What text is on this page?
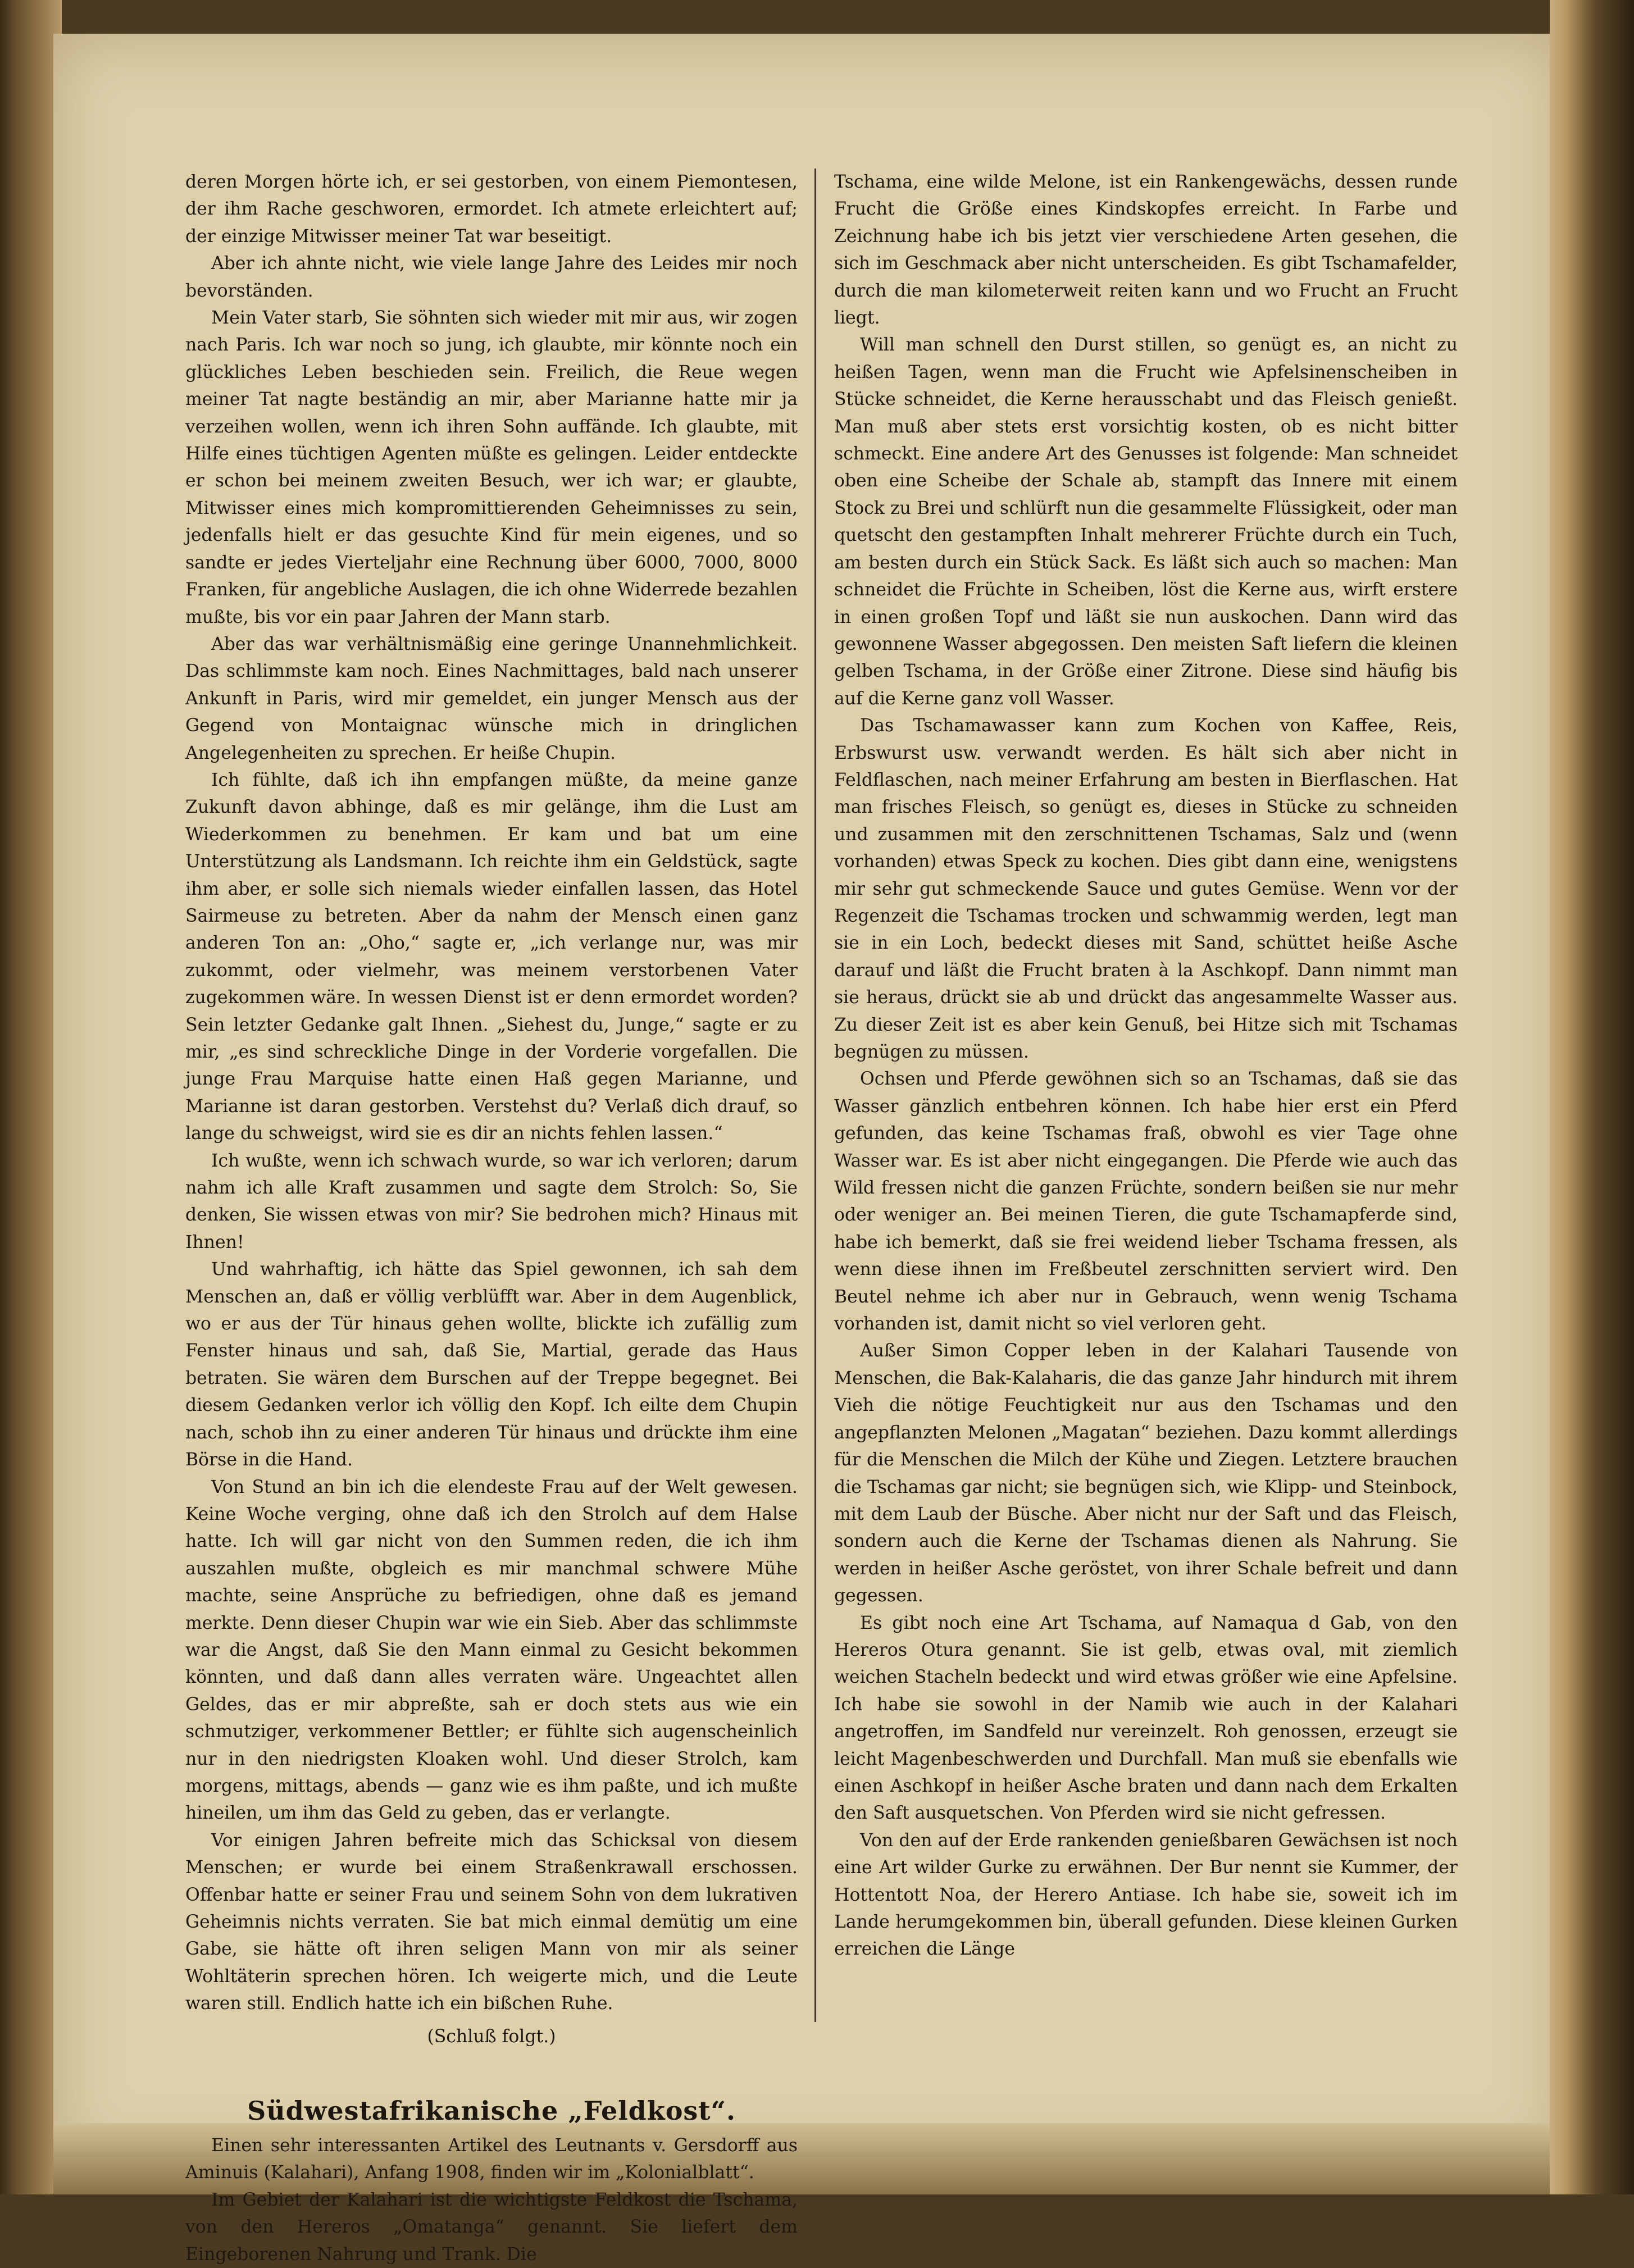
deren Morgen hörte ich, er sei gestorben, von einem Piemontesen, der ihm Rache geschworen, ermordet. Ich atmete erleichtert auf; der einzige Mitwisser meiner Tat war beseitigt.

Aber ich ahnte nicht, wie viele lange Jahre des Leides mir noch bevorständen.

Mein Vater starb, Sie söhnten sich wieder mit mir aus, wir zogen nach Paris. Ich war noch so jung, ich glaubte, mir könnte noch ein glückliches Leben beschieden sein. Freilich, die Reue wegen meiner Tat nagte beständig an mir, aber Marianne hatte mir ja verzeihen wollen, wenn ich ihren Sohn auffände. Ich glaubte, mit Hilfe eines tüchtigen Agenten müßte es gelingen. Leider entdeckte er schon bei meinem zweiten Besuch, wer ich war; er glaubte, Mitwisser eines mich kompromittierenden Geheimnisses zu sein, jedenfalls hielt er das gesuchte Kind für mein eigenes, und so sandte er jedes Vierteljahr eine Rechnung über 6000, 7000, 8000 Franken, für angebliche Auslagen, die ich ohne Widerrede bezahlen mußte, bis vor ein paar Jahren der Mann starb.

Aber das war verhältnismäßig eine geringe Unannehmlichkeit. Das schlimmste kam noch. Eines Nachmittages, bald nach unserer Ankunft in Paris, wird mir gemeldet, ein junger Mensch aus der Gegend von Montaignac wünsche mich in dringlichen Angelegenheiten zu sprechen. Er heiße Chupin.

Ich fühlte, daß ich ihn empfangen müßte, da meine ganze Zukunft davon abhinge, daß es mir gelänge, ihm die Lust am Wiederkommen zu benehmen. Er kam und bat um eine Unterstützung als Landsmann. Ich reichte ihm ein Geldstück, sagte ihm aber, er solle sich niemals wieder einfallen lassen, das Hotel Sairmeuse zu betreten. Aber da nahm der Mensch einen ganz anderen Ton an: „Oho,“ sagte er, „ich verlange nur, was mir zukommt, oder vielmehr, was meinem verstorbenen Vater zugekommen wäre. In wessen Dienst ist er denn ermordet worden? Sein letzter Gedanke galt Ihnen. „Siehest du, Junge,“ sagte er zu mir, „es sind schreckliche Dinge in der Vorderie vorgefallen. Die junge Frau Marquise hatte einen Haß gegen Marianne, und Marianne ist daran gestorben. Verstehst du? Verlaß dich drauf, so lange du schweigst, wird sie es dir an nichts fehlen lassen.“

Ich wußte, wenn ich schwach wurde, so war ich verloren; darum nahm ich alle Kraft zusammen und sagte dem Strolch: So, Sie denken, Sie wissen etwas von mir? Sie bedrohen mich? Hinaus mit Ihnen!

Und wahrhaftig, ich hätte das Spiel gewonnen, ich sah dem Menschen an, daß er völlig verblüfft war. Aber in dem Augenblick, wo er aus der Tür hinaus gehen wollte, blickte ich zufällig zum Fenster hinaus und sah, daß Sie, Martial, gerade das Haus betraten. Sie wären dem Burschen auf der Treppe begegnet. Bei diesem Gedanken verlor ich völlig den Kopf. Ich eilte dem Chupin nach, schob ihn zu einer anderen Tür hinaus und drückte ihm eine Börse in die Hand.

Von Stund an bin ich die elendeste Frau auf der Welt gewesen. Keine Woche verging, ohne daß ich den Strolch auf dem Halse hatte. Ich will gar nicht von den Summen reden, die ich ihm auszahlen mußte, obgleich es mir manchmal schwere Mühe machte, seine Ansprüche zu befriedigen, ohne daß es jemand merkte. Denn dieser Chupin war wie ein Sieb. Aber das schlimmste war die Angst, daß Sie den Mann einmal zu Gesicht bekommen könnten, und daß dann alles verraten wäre. Ungeachtet allen Geldes, das er mir abpreßte, sah er doch stets aus wie ein schmutziger, verkommener Bettler; er fühlte sich augenscheinlich nur in den niedrigsten Kloaken wohl. Und dieser Strolch, kam morgens, mittags, abends — ganz wie es ihm paßte, und ich mußte hineilen, um ihm das Geld zu geben, das er verlangte.

Vor einigen Jahren befreite mich das Schicksal von diesem Menschen; er wurde bei einem Straßenkrawall erschossen. Offenbar hatte er seiner Frau und seinem Sohn von dem lukrativen Geheimnis nichts verraten. Sie bat mich einmal demütig um eine Gabe, sie hätte oft ihren seligen Mann von mir als seiner Wohltäterin sprechen hören. Ich weigerte mich, und die Leute waren still. Endlich hatte ich ein bißchen Ruhe.

(Schluß folgt.)

Südwestafrikanische „Feldkost“.

Einen sehr interessanten Artikel des Leutnants v. Gersdorff aus Aminuis (Kalahari), Anfang 1908, finden wir im „Kolonialblatt“.

Im Gebiet der Kalahari ist die wichtigste Feldkost die Tschama, von den Hereros „Omatanga“ genannt. Sie liefert dem Eingeborenen Nahrung und Trank. Die

Tschama, eine wilde Melone, ist ein Rankengewächs, dessen runde Frucht die Größe eines Kindskopfes erreicht. In Farbe und Zeichnung habe ich bis jetzt vier verschiedene Arten gesehen, die sich im Geschmack aber nicht unterscheiden. Es gibt Tschamafelder, durch die man kilometerweit reiten kann und wo Frucht an Frucht liegt.

Will man schnell den Durst stillen, so genügt es, an nicht zu heißen Tagen, wenn man die Frucht wie Apfelsinenscheiben in Stücke schneidet, die Kerne herausschabt und das Fleisch genießt. Man muß aber stets erst vorsichtig kosten, ob es nicht bitter schmeckt. Eine andere Art des Genusses ist folgende: Man schneidet oben eine Scheibe der Schale ab, stampft das Innere mit einem Stock zu Brei und schlürft nun die gesammelte Flüssigkeit, oder man quetscht den gestampften Inhalt mehrerer Früchte durch ein Tuch, am besten durch ein Stück Sack. Es läßt sich auch so machen: Man schneidet die Früchte in Scheiben, löst die Kerne aus, wirft erstere in einen großen Topf und läßt sie nun auskochen. Dann wird das gewonnene Wasser abgegossen. Den meisten Saft liefern die kleinen gelben Tschama, in der Größe einer Zitrone. Diese sind häufig bis auf die Kerne ganz voll Wasser.

Das Tschamawasser kann zum Kochen von Kaffee, Reis, Erbswurst usw. verwandt werden. Es hält sich aber nicht in Feldflaschen, nach meiner Erfahrung am besten in Bierflaschen. Hat man frisches Fleisch, so genügt es, dieses in Stücke zu schneiden und zusammen mit den zerschnittenen Tschamas, Salz und (wenn vorhanden) etwas Speck zu kochen. Dies gibt dann eine, wenigstens mir sehr gut schmeckende Sauce und gutes Gemüse. Wenn vor der Regenzeit die Tschamas trocken und schwammig werden, legt man sie in ein Loch, bedeckt dieses mit Sand, schüttet heiße Asche darauf und läßt die Frucht braten à la Aschkopf. Dann nimmt man sie heraus, drückt sie ab und drückt das angesammelte Wasser aus. Zu dieser Zeit ist es aber kein Genuß, bei Hitze sich mit Tschamas begnügen zu müssen.

Ochsen und Pferde gewöhnen sich so an Tschamas, daß sie das Wasser gänzlich entbehren können. Ich habe hier erst ein Pferd gefunden, das keine Tschamas fraß, obwohl es vier Tage ohne Wasser war. Es ist aber nicht eingegangen. Die Pferde wie auch das Wild fressen nicht die ganzen Früchte, sondern beißen sie nur mehr oder weniger an. Bei meinen Tieren, die gute Tschamapferde sind, habe ich bemerkt, daß sie frei weidend lieber Tschama fressen, als wenn diese ihnen im Freßbeutel zerschnitten serviert wird. Den Beutel nehme ich aber nur in Gebrauch, wenn wenig Tschama vorhanden ist, damit nicht so viel verloren geht.

Außer Simon Copper leben in der Kalahari Tausende von Menschen, die Bak-Kalaharis, die das ganze Jahr hindurch mit ihrem Vieh die nötige Feuchtigkeit nur aus den Tschamas und den angepflanzten Melonen „Magatan“ beziehen. Dazu kommt allerdings für die Menschen die Milch der Kühe und Ziegen. Letztere brauchen die Tschamas gar nicht; sie begnügen sich, wie Klipp- und Steinbock, mit dem Laub der Büsche. Aber nicht nur der Saft und das Fleisch, sondern auch die Kerne der Tschamas dienen als Nahrung. Sie werden in heißer Asche geröstet, von ihrer Schale befreit und dann gegessen.

Es gibt noch eine Art Tschama, auf Namaqua d Gab, von den Hereros Otura genannt. Sie ist gelb, etwas oval, mit ziemlich weichen Stacheln bedeckt und wird etwas größer wie eine Apfelsine. Ich habe sie sowohl in der Namib wie auch in der Kalahari angetroffen, im Sandfeld nur vereinzelt. Roh genossen, erzeugt sie leicht Magenbeschwerden und Durchfall. Man muß sie ebenfalls wie einen Aschkopf in heißer Asche braten und dann nach dem Erkalten den Saft ausquetschen. Von Pferden wird sie nicht gefressen.

Von den auf der Erde rankenden genießbaren Gewächsen ist noch eine Art wilder Gurke zu erwähnen. Der Bur nennt sie Kummer, der Hottentott Noa, der Herero Antiase. Ich habe sie, soweit ich im Lande herumgekommen bin, überall gefunden. Diese kleinen Gurken erreichen die Länge
